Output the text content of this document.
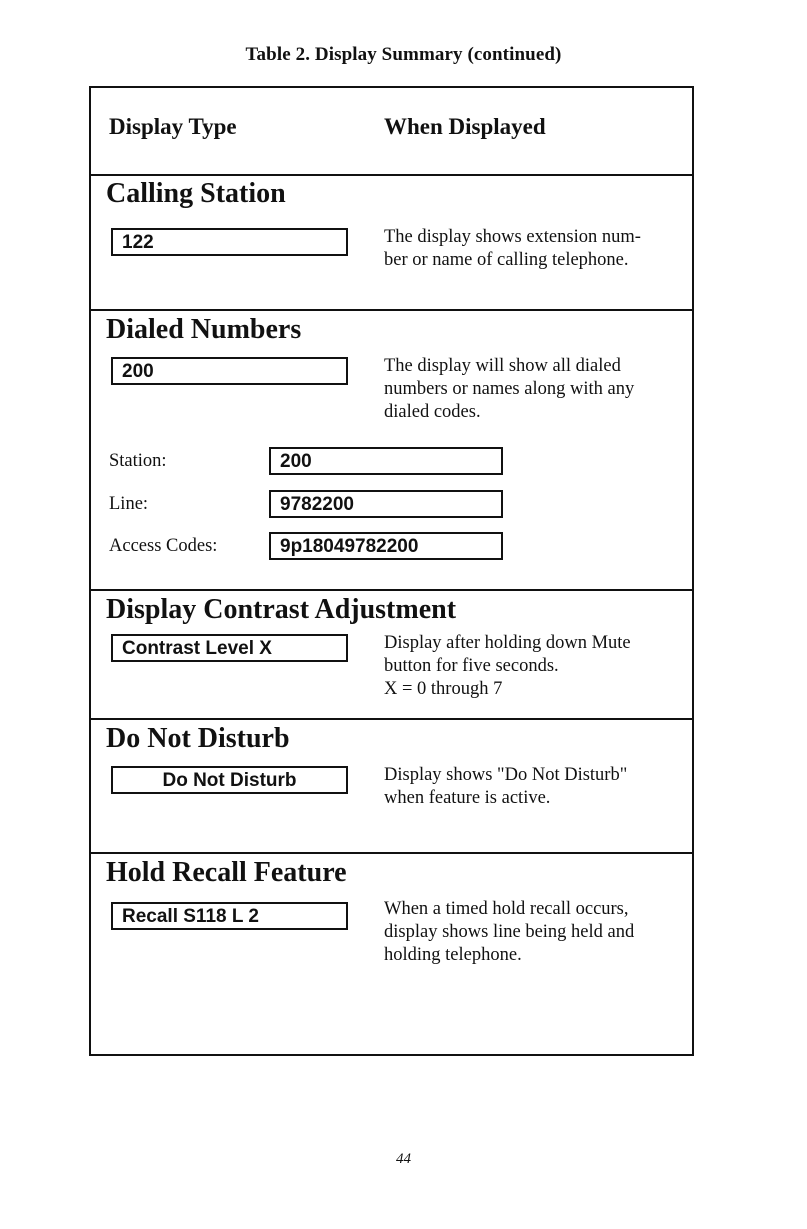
Table 2. Display Summary (continued)
Display Type	When Displayed
Calling Station
122	The display shows extension num-
ber or name of calling telephone.
Dialed Numbers
200	The display will show all dialed
numbers or names along with any
dialed codes.
Station:	200
Line:	9782200
Access Codes:	9p18049782200
Display Contrast Adjustment
Contrast Level X	Display after holding down Mute
button for five seconds.
X = 0 through 7
Do Not Disturb
Do Not Disturb	Display shows "Do Not Disturb"
when feature is active.
Hold Recall Feature
Recall S118 L 2	When a timed hold recall occurs,
display shows line being held and
holding telephone.
44
